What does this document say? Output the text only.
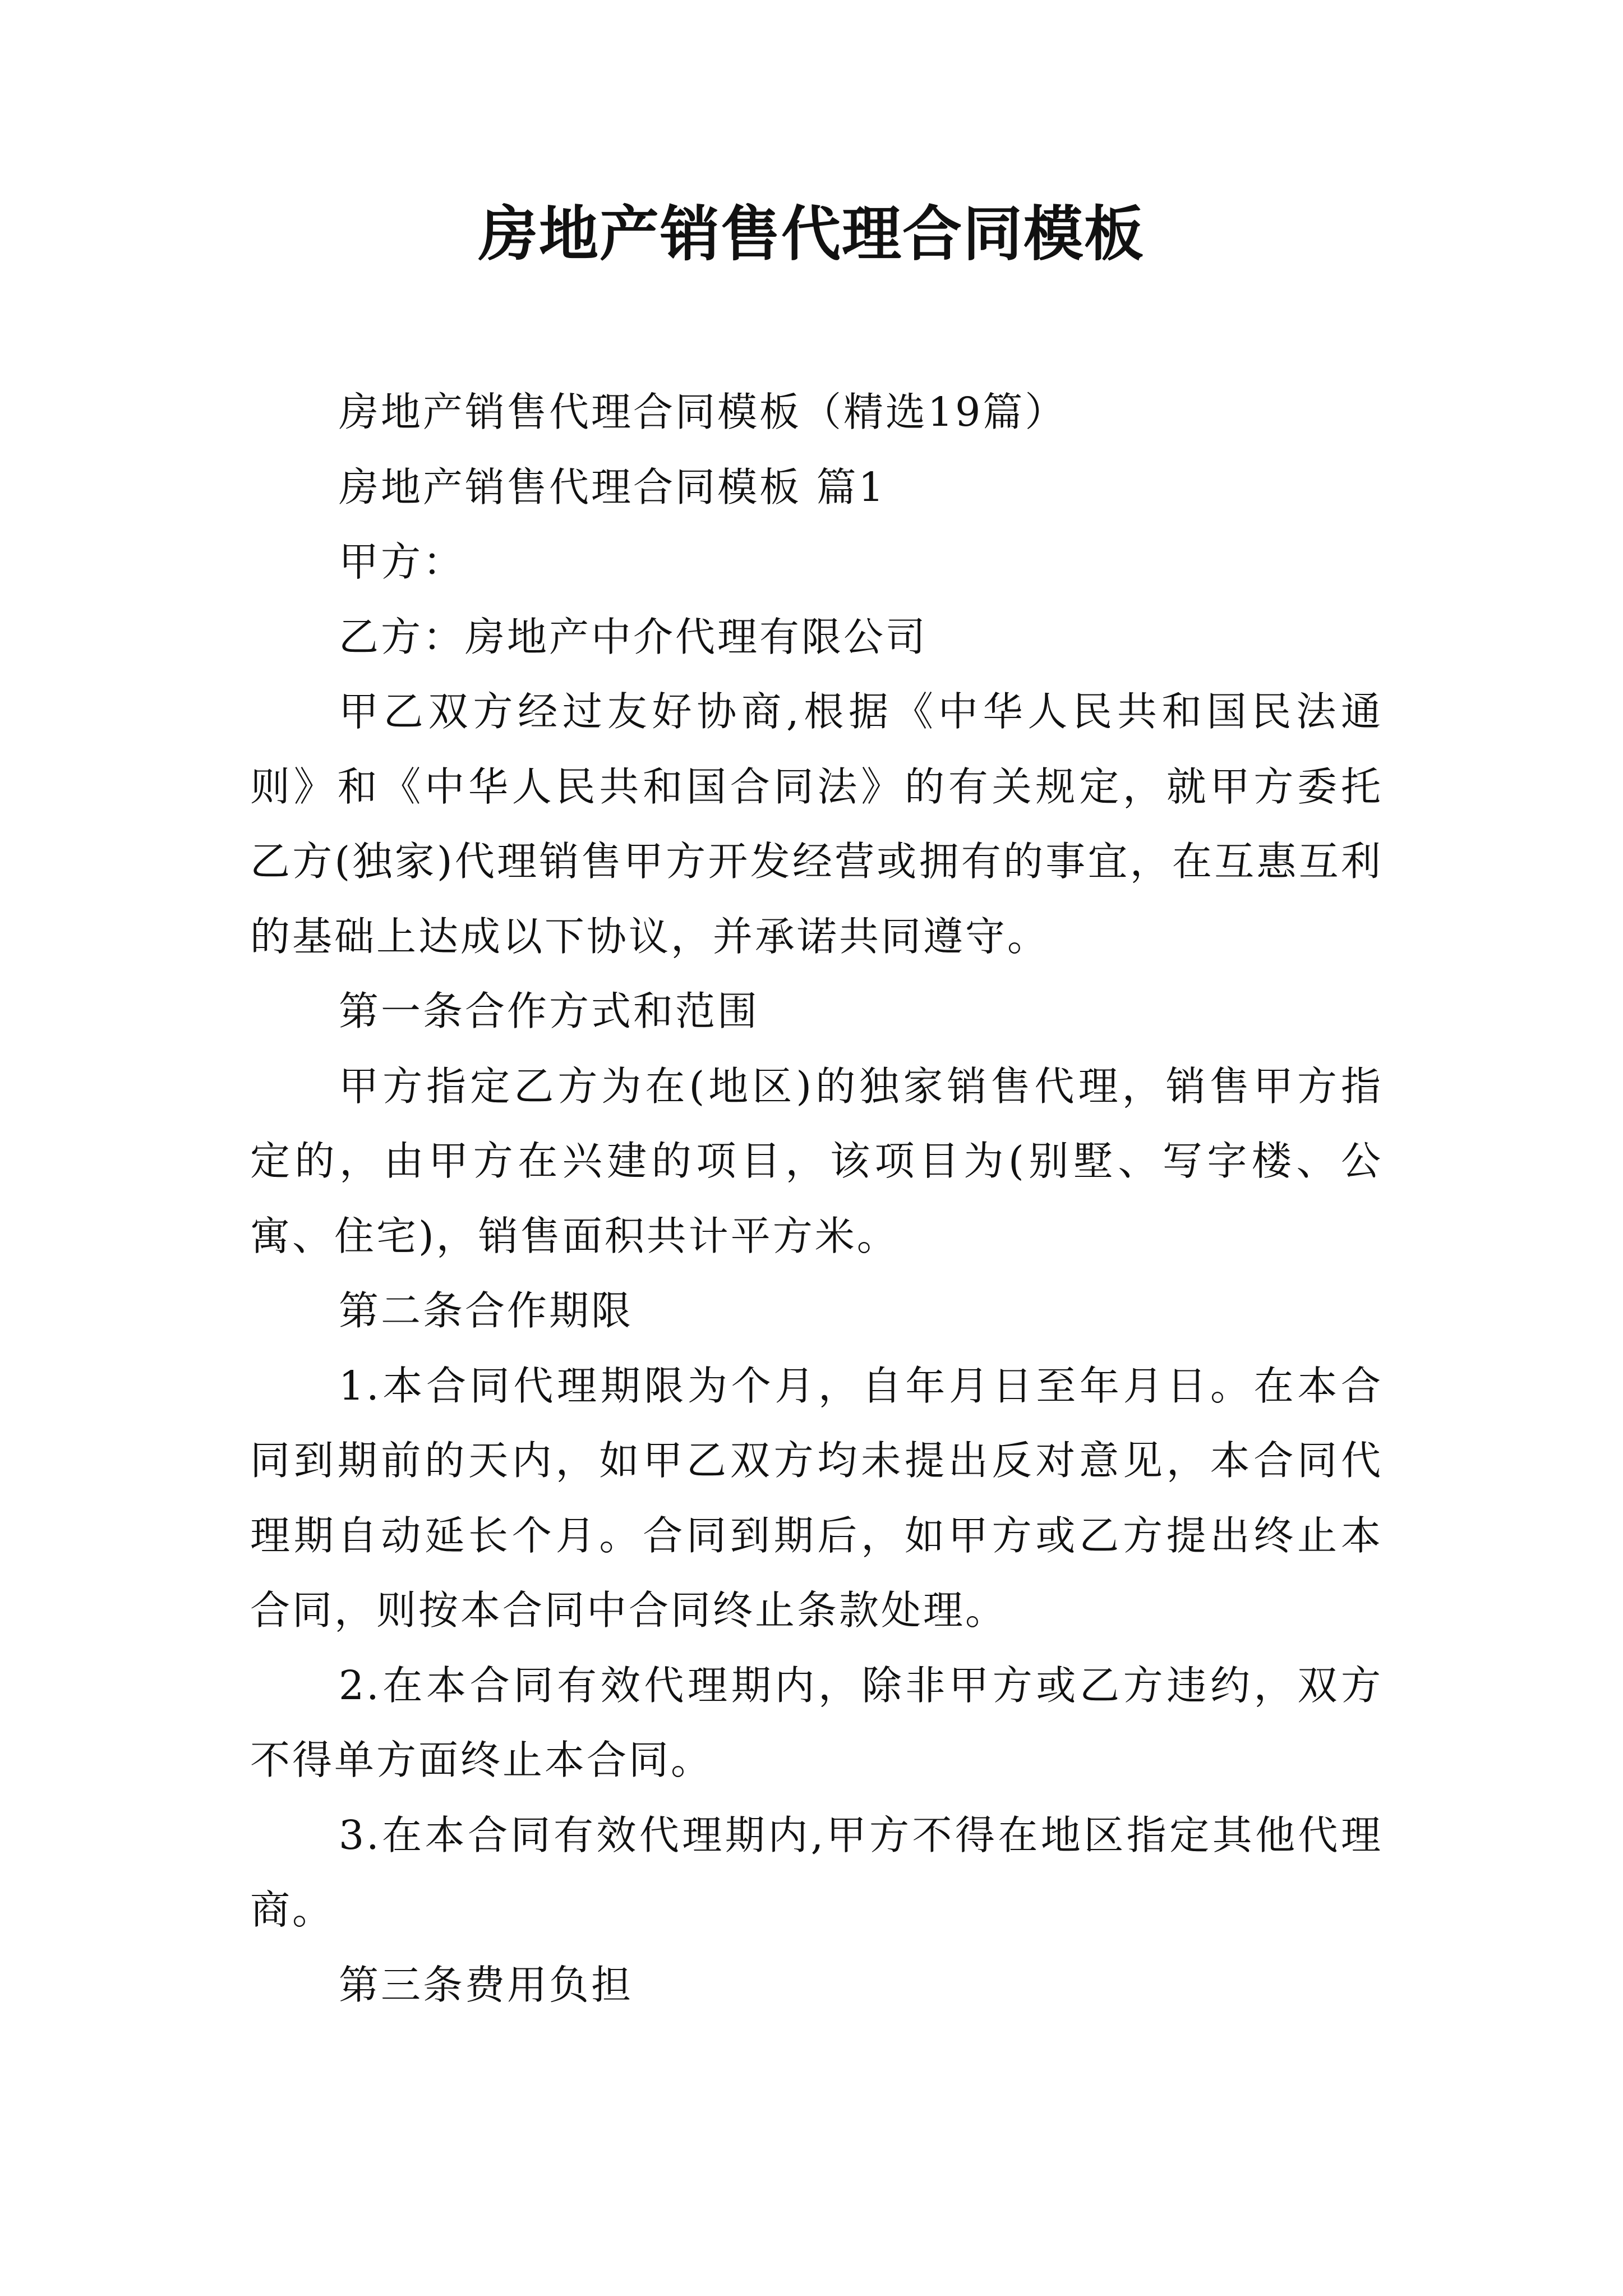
房地产销售代理合同模板

房地产销售代理合同模板（精选19篇）

房地产销售代理合同模板 篇1

甲方：

乙方：房地产中介代理有限公司

甲乙双方经过友好协商,根据《中华人民共和国民法通则》和《中华人民共和国合同法》的有关规定，就甲方委托乙方(独家)代理销售甲方开发经营或拥有的事宜，在互惠互利的基础上达成以下协议，并承诺共同遵守。

第一条合作方式和范围

甲方指定乙方为在(地区)的独家销售代理，销售甲方指定的，由甲方在兴建的项目，该项目为(别墅、写字楼、公寓、住宅)，销售面积共计平方米。

第二条合作期限

1.本合同代理期限为个月，自年月日至年月日。在本合同到期前的天内，如甲乙双方均未提出反对意见，本合同代理期自动延长个月。合同到期后，如甲方或乙方提出终止本合同，则按本合同中合同终止条款处理。

2.在本合同有效代理期内，除非甲方或乙方违约，双方不得单方面终止本合同。

3.在本合同有效代理期内,甲方不得在地区指定其他代理商。

第三条费用负担
